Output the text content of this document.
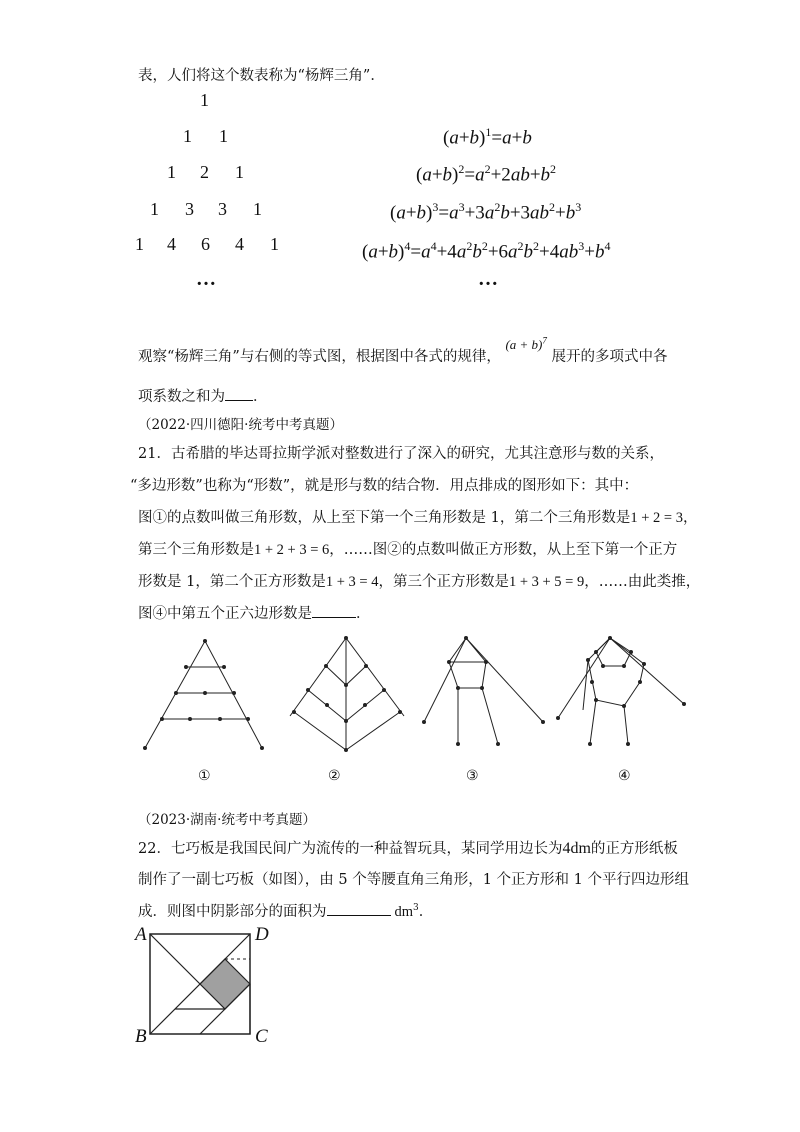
表，人们将这个数表称为“杨辉三角”．
1
1 1
1 2 1
1 3 3 1
1 4 6 4 1
…
$(a+b)^1=a+b$
$(a+b)^2=a^2+2ab+b^2$
$(a+b)^3=a^3+3a^2b+3ab^2+b^3$
$(a+b)^4=a^4+4a^2b^2+6a^2b^2+4ab^3+b^4$
…
观察“杨辉三角”与右侧的等式图，根据图中各式的规律， $(a + b)^7$ 展开的多项式中各
项系数之和为 ．
（2022·四川德阳·统考中考真题）
21．古希腊的毕达哥拉斯学派对整数进行了深入的研究，尤其注意形与数的关系，
“多边形数”也称为“形数”，就是形与数的结合物．用点排成的图形如下：其中：
图①的点数叫做三角形数，从上至下第一个三角形数是 1，第二个三角形数是1 + 2 = 3，
第三个三角形数是1 + 2 + 3 = 6，……图②的点数叫做正方形数，从上至下第一个正方
形数是 1，第二个正方形数是1 + 3 = 4，第三个正方形数是1 + 3 + 5 = 9，……由此类推，
图④中第五个正六边形数是	．
①	②	③	④
（2023·湖南·统考中考真题）
22．七巧板是我国民间广为流传的一种益智玩具，某同学用边长为4dm的正方形纸板
制作了一副七巧板（如图），由 5 个等腰直角三角形，1 个正方形和 1 个平行四边形组
成．则图中阴影部分的面积为	$dm^3$．
A	D
B	C
